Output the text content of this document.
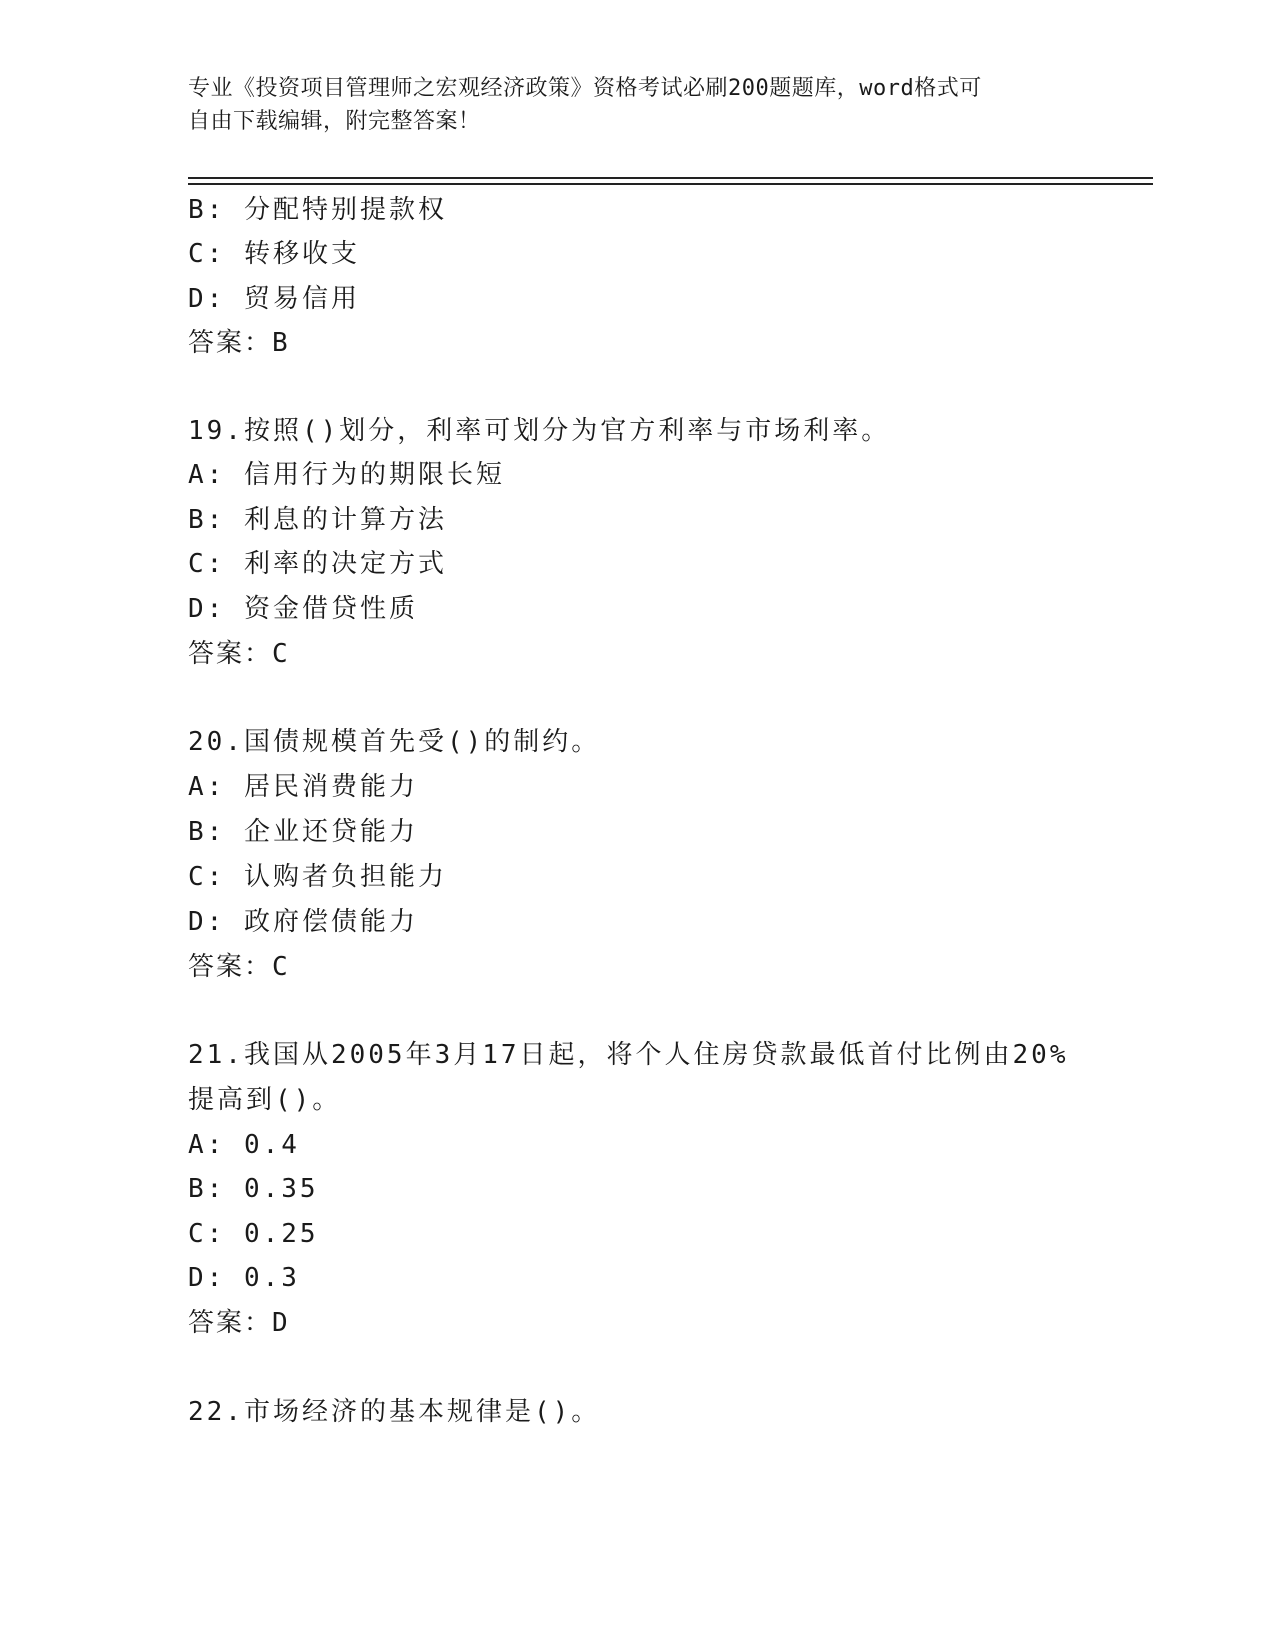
专业《投资项目管理师之宏观经济政策》资格考试必刷200题题库，word格式可
自由下载编辑，附完整答案！
B: 分配特别提款权
C: 转移收支
D: 贸易信用
答案：B
19.按照()划分，利率可划分为官方利率与市场利率。
A: 信用行为的期限长短
B: 利息的计算方法
C: 利率的决定方式
D: 资金借贷性质
答案：C
20.国债规模首先受()的制约。
A: 居民消费能力
B: 企业还贷能力
C: 认购者负担能力
D: 政府偿债能力
答案：C
21.我国从2005年3月17日起，将个人住房贷款最低首付比例由20%
提高到()。
A: 0.4
B: 0.35
C: 0.25
D: 0.3
答案：D
22.市场经济的基本规律是()。
